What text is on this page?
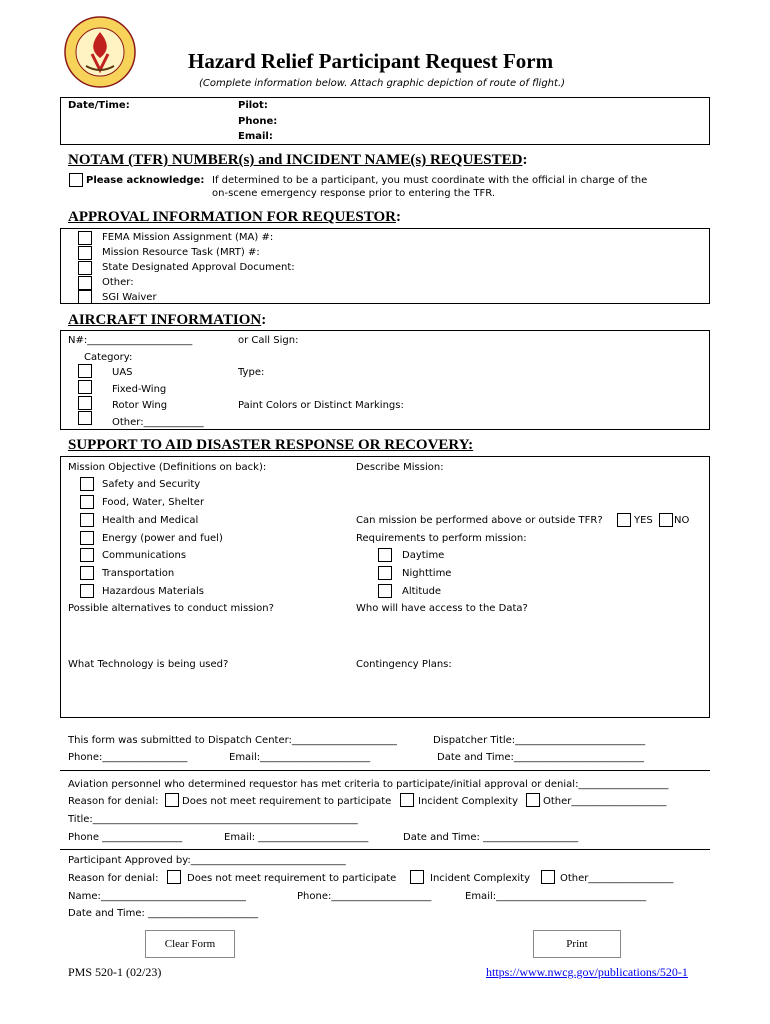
Hazard Relief Participant Request Form
(Complete information below. Attach graphic depiction of route of flight.)
Date/Time:	Pilot:
Phone:
Email:
NOTAM (TFR) NUMBER(s) and INCIDENT NAME(s) REQUESTED:
Please acknowledge: If determined to be a participant, you must coordinate with the official in charge of the
on-scene emergency response prior to entering the TFR.
APPROVAL INFORMATION FOR REQUESTOR:
FEMA Mission Assignment (MA) #:
Mission Resource Task (MRT) #:
State Designated Approval Document:
Other:
SGI Waiver
AIRCRAFT INFORMATION:
N#:_____________________	or Call Sign:
Category:
UAS
Fixed-Wing
Rotor Wing
Other:____________
Type:
Paint Colors or Distinct Markings:
SUPPORT TO AID DISASTER RESPONSE OR RECOVERY:
Mission Objective (Definitions on back):	Describe Mission:
Safety and Security
Food, Water, Shelter
Health and Medical
Energy (power and fuel)
Communications
Transportation
Hazardous Materials
Can mission be performed above or outside TFR?	YES NO
Requirements to perform mission:
Daytime
Nighttime
Altitude
Possible alternatives to conduct mission?	Who will have access to the Data?
What Technology is being used?	Contingency Plans:
This form was submitted to Dispatch Center:_____________________	Dispatcher Title:__________________________
Phone:_________________	Email:______________________	Date and Time:__________________________
Aviation personnel who determined requestor has met criteria to participate/initial approval or denial:__________________
Reason for denial: Does not meet requirement to participate	Incident Complexity	Other___________________
Title:_____________________________________________________
Phone ________________	Email: ______________________	Date and Time: ___________________
Participant Approved by:_______________________________
Reason for denial:	Does not meet requirement to participate	Incident Complexity	Other_________________
Name:_____________________________	Phone:____________________	Email:______________________________
Date and Time: ______________________
Clear Form	Print
PMS 520-1 (02/23)	https://www.nwcg.gov/publications/520-1
